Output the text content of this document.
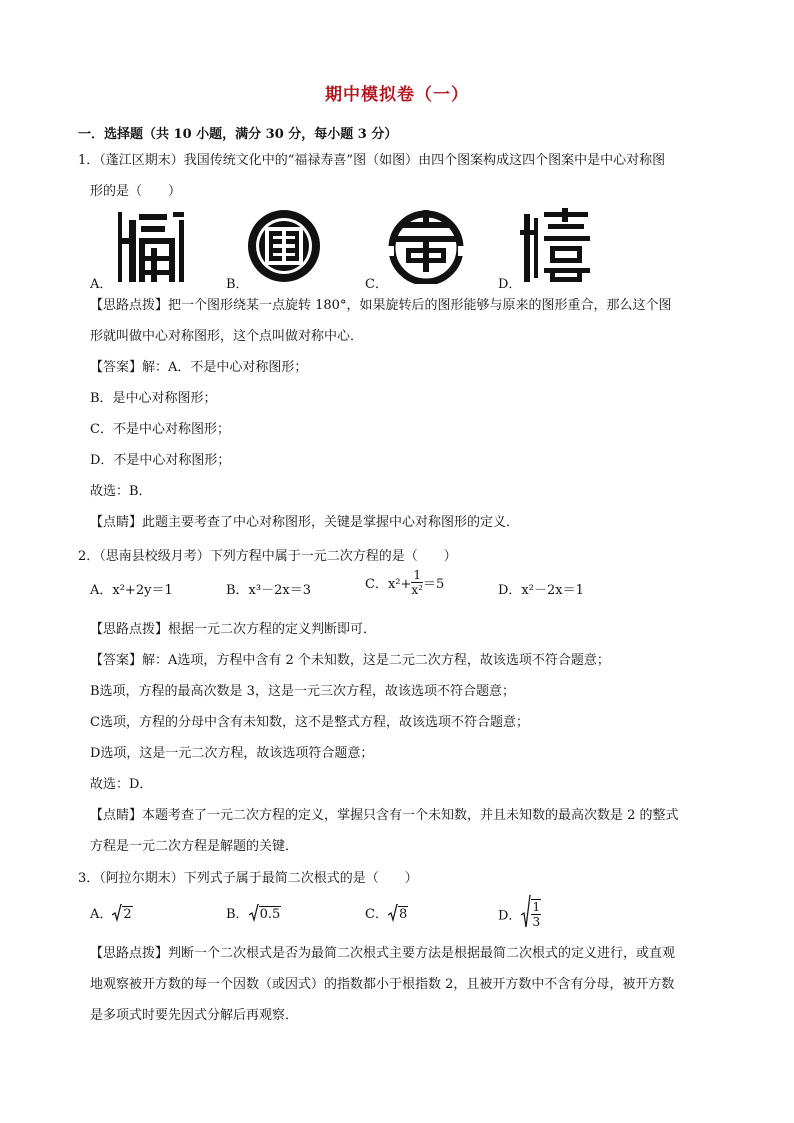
期中模拟卷（一）
一．选择题（共 10 小题，满分 30 分，每小题 3 分）
1．（蓬江区期末）我国传统文化中的“福禄寿喜”图（如图）由四个图案构成这四个图案中是中心对称图
形的是（　　）
A．	B．	C．	D．
【思路点拨】把一个图形绕某一点旋转 180°，如果旋转后的图形能够与原来的图形重合，那么这个图
形就叫做中心对称图形，这个点叫做对称中心．
【答案】解：A．不是中心对称图形；
B．是中心对称图形；
C．不是中心对称图形；
D．不是中心对称图形；
故选：B．
【点睛】此题主要考查了中心对称图形，关键是掌握中心对称图形的定义．
2．（思南县校级月考）下列方程中属于一元二次方程的是（　　）
A．x²+2y＝1	B．x³－2x＝3	C．$x^2+ \frac{1}{\text{x²}} =5$	D．x²－2x＝1
【思路点拨】根据一元二次方程的定义判断即可．
【答案】解：A选项，方程中含有 2 个未知数，这是二元二次方程，故该选项不符合题意；
B选项，方程的最高次数是 3，这是一元三次方程，故该选项不符合题意；
C选项，方程的分母中含有未知数，这不是整式方程，故该选项不符合题意；
D选项，这是一元二次方程，故该选项符合题意；
故选：D．
【点睛】本题考查了一元二次方程的定义，掌握只含有一个未知数，并且未知数的最高次数是 2 的整式
方程是一元二次方程是解题的关键．
3．（阿拉尔期末）下列式子属于最简二次根式的是（　　）
A． 2	B． 0.5	C． 8	D． $\frac{1}{3}$
【思路点拨】判断一个二次根式是否为最简二次根式主要方法是根据最简二次根式的定义进行，或直观
地观察被开方数的每一个因数（或因式）的指数都小于根指数 2，且被开方数中不含有分母，被开方数
是多项式时要先因式分解后再观察．
